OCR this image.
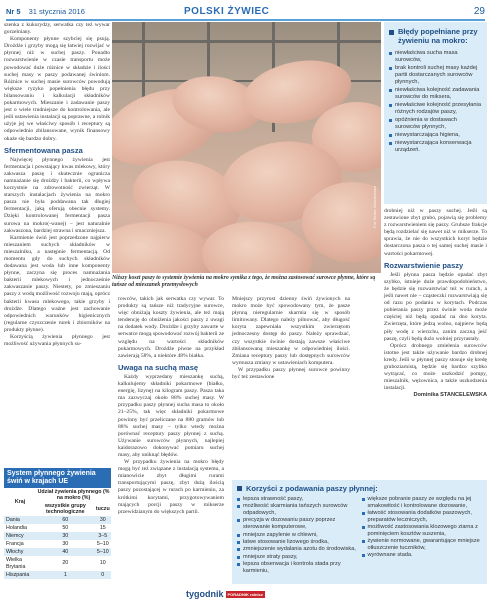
Nr 5 31 stycznia 2016	POLSKI ŻYWIEC	29

szenka z kukurydzy, serwatka czy też wywar gorzelniany.

Komponenty płynne szybciej się psują. Drożdże i grzyby mogą się łatwiej rozwijać w płynnej niż w suchej paszy. Ponadto rozwarstwienie w czasie transportu może powodować duże różnice w składzie i ilości suchej masy w paszy podawanej świniom. Różnice w suchej masie surowców powodują większe ryzyko popełnienia błędu przy bilansowaniu i kalkulacji składników pokarmowych. Mieszanie i zadawanie paszy jest o wiele trudniejsze do kontrolowania, ale jeśli ustawienia instalacji są poprawne, a rolnik użyje jej we właściwy sposób i receptury są odpowiednio zbilansowane, wynik finansowy okaże się bardzo dobry.

Sfermentowana pasza

Najwięcej płynnego żywienia jest fermentacja i powstający kwas mlekowy, który zakwasza paszę i skutecznie ogranicza namnażanie się drożdży i bakterii, co wpływa korzystnie na zdrowotność zwierząt. W starszych instalacjach żywienia na mokro pasza nie była poddawana tak długiej fermentacji, jaką oferują obecnie systemy. Dzięki kontrolowanej fermentacji pasza surowa na mokro(-wanej) – jest naturalnie zakwaszona, bardziej strawna i smaczniejsza.

Karmienie świń jest poprzedzone najpierw mieszaniem suchych składników w mieszalniku, a następnie fermentacją. Od momentu gdy do suchych składników dodawana jest woda lub inne komponenty płynne, zaczyna się proces namnażania bakterii mlekowych i jednocześnie zakwaszanie paszy. Niestety, po zmieszaniu paszy z wodą możliwość rozwoju mają, oprócz bakterii kwasu mlekowego, takie grzyby i drożdże. Dlatego ważne jest zachowanie odpowiednich warunków higienicznych (regularne czyszczenie rurek i zbiorników na produkty płynne).

Korzyścią żywienia płynnego jest możliwość używania płynnych su-

System płynnego żywienia świń w krajach UE
Kraj	Udział żywienia płynnego (% na mokro (%)	
	wszystkie grupy technologiczne	tuczu
Dania	60	30
Holandia	50	15
Niemcy	30	3–5
Francja	30	5–10
Włochy	40	5–10
Wielka Brytania	20	10
Hiszpania	1	0
Fot. Beata Sabiniewska
Niższy koszt paszy to systemie żywienia na mokro symika z tego, że można zastosować surowce płynne, które są tańsze od mieszanek przemysłowych

rowców, takich jak serwatka czy wywar. To produkty są tańsze niż tradycyjne surowce, więc obniżają koszty żywienia, ale też mają tendencję do obniżenia jakości paszy z uwagi na dodatek wody. Drożdże i grzyby zawarte w serwatce mogą spowodować rozwój bakterii ze względu na wartości składników pokarmowych. Drożdże piwne na przykład zawierają 58%, a niektóre 48% białka.

Uwaga na suchą masę

Każdy wyprzedany mieszankę suchą, kalkulujemy składniki pokarmowe (białko, energię, lizynę) na kilogram paszy. Pasza taka ma zazwyczaj około 88% suchej masy. W przypadku paszy płynnej sucha masa to około 21–25%, tak więc składniki pokarmowe powinny być przeliczane na 880 gramów lub 88% suchej masy – tylko wtedy można porównać receptury paszy płynnej z suchą. Używanie surowców płynnych, najlepiej kaidorazowo dokonywać pomiaru suchej masy, aby uniknąć błędów.

W przypadku żywienia na mokro błędy mogą być też związane z instalacją systemu, a mianowicie zbyt długimi rurami transportującymi paszę, zbyt dużą ilością paszy pozostającej w rurach po karmieniu, za krótkimi korytami, przygotowywaniem mających porcji paszy w mikserze przewidzianym do większych partii.

Mniejszy przyrost dzienny świń żywionych na mokro może być spowodowany tym, że pasze płynną nieregularnie skarmia się w sposób limitowany. Dlatego należy pilnować, aby długość koryta zapewniała wszystkim zwierzętom jednoczesny dostęp do paszy. Należy sprawdzać, czy wszystkie świnie dostają zawsze właściwe zbilansowaną mieszankę w odpowiedniej ilości. Zmiana receptury paszy lub dostępnych surowców wymusza zmiany w ustawieniach komputera.

W przypadku paszy płynnej surowce powinny być też zestawione

Błędy popełniane przy żywieniu na mokro:
niewłaściwa sucha masa surowców,
brak kontroli suchej masy każdej partii dostarczanych surowców płynnych,
niewłaściwa kolejność zadawania surowców do miksera,
niewłaściwe kolejność przesyłania różnych rodzajów paszy,
opóźnienia w dostawach surowców płynnych,
niewystarczająca higiena,
niewystarczająca konserwacja urządzeń.

drobniej niż w paszy suchej. Jeśli są zestawione zbyt grubo, pojawią się problemy z rozwarstwieniem się paszy. Grubsze frakcje będą rozdzielać się nawet niż w mikserze. To sprawia, że nie do wszystkich koryt będzie dostarczona pasza o tej samej suchej masie i wartości pokarmowej.

Rozwarstwienie paszy

Jeśli płynna pasza będzie opadać zbyt szybko, istnieje duże prawdopodobieństwo, że będzie się rozwarstwiać też w rurach, a jeśli nawet nie – cząsteczki rozwarstwiają się od razu po podaniu w korytach. Podczas pobierania paszy przez świnie woda może częściej niż będą opadać na dno koryta. Zwierzęta, które jedzą wolno, najpierw będą piły wodę z wierzchu, zanim zaczną jeść paszę, czyli będą dużo wolniej przyrastały.

Oprócz drobnego zmielenia surowców istotne jest także używanie bardzo drobnej kredy. Jeśli w płynnej paszy stosuje się kredę gruboziarnistą, będzie się bardzo szybko wytrącać, co może uszkodzić pompy, mieszalnik, wężownica, a także uszkodzenia instalacji.

Dominika STANCELEWSKA

Korzyści z podawania paszy płynnej:
lepsza strawność paszy,
możliwość skarmiania tańszych surowców odpadowych,
precyzja w dozowaniu paszy poprzez sterowanie komputerowe,
mniejsze zapylenie w chlewni,
łatwe stosowanie lizowego środka,
zmniejszenie wydalania azotu do środowiska,
mniejsze straty paszy,
lepsza obserwacja i kontrola stada przy karmieniu,
większe pobranie paszy ze względu na jej smakowitość i kontrolowane dozowanie,
łatwość stosowania dodatków paszowych, preparatów leczniczych,
możliwość zastosowania klozowego ziarna z pominięciem kosztów suszenia,
żywienie normowane, gwarantujące mniejsze otłuszczenie tuczników,
wyrównane stada.
tygodnik	PORADNIK rolnicz
